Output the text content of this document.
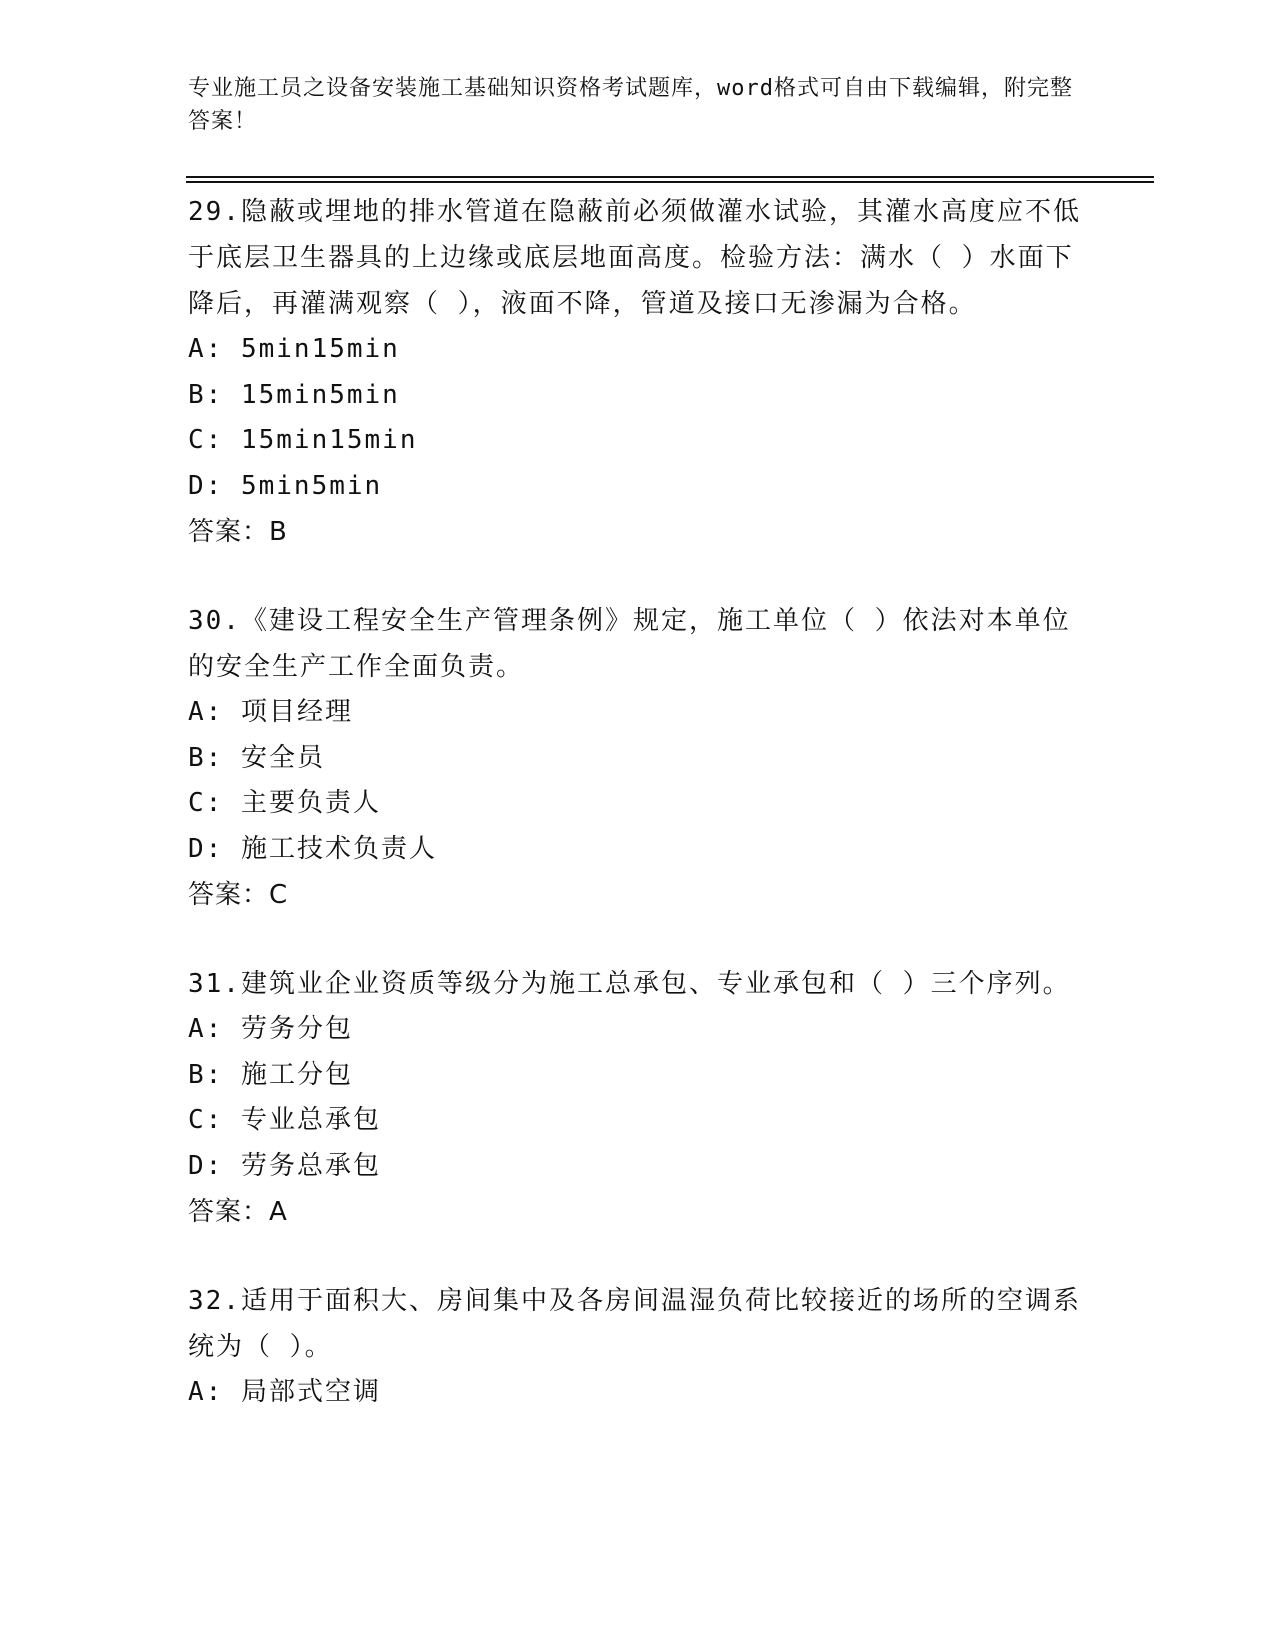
专业施工员之设备安装施工基础知识资格考试题库，word格式可自由下载编辑，附完整答案！

29.隐蔽或埋地的排水管道在隐蔽前必须做灌水试验，其灌水高度应不低于底层卫生器具的上边缘或底层地面高度。检验方法：满水（ ）水面下降后，再灌满观察（ ），液面不降，管道及接口无渗漏为合格。

A: 5min15min

B: 15min5min

C: 15min15min

D: 5min5min

答案：B

30.《建设工程安全生产管理条例》规定，施工单位（ ）依法对本单位的安全生产工作全面负责。

A: 项目经理

B: 安全员

C: 主要负责人

D: 施工技术负责人

答案：C

31.建筑业企业资质等级分为施工总承包、专业承包和（ ）三个序列。

A: 劳务分包

B: 施工分包

C: 专业总承包

D: 劳务总承包

答案：A

32.适用于面积大、房间集中及各房间温湿负荷比较接近的场所的空调系统为（ ）。

A: 局部式空调
